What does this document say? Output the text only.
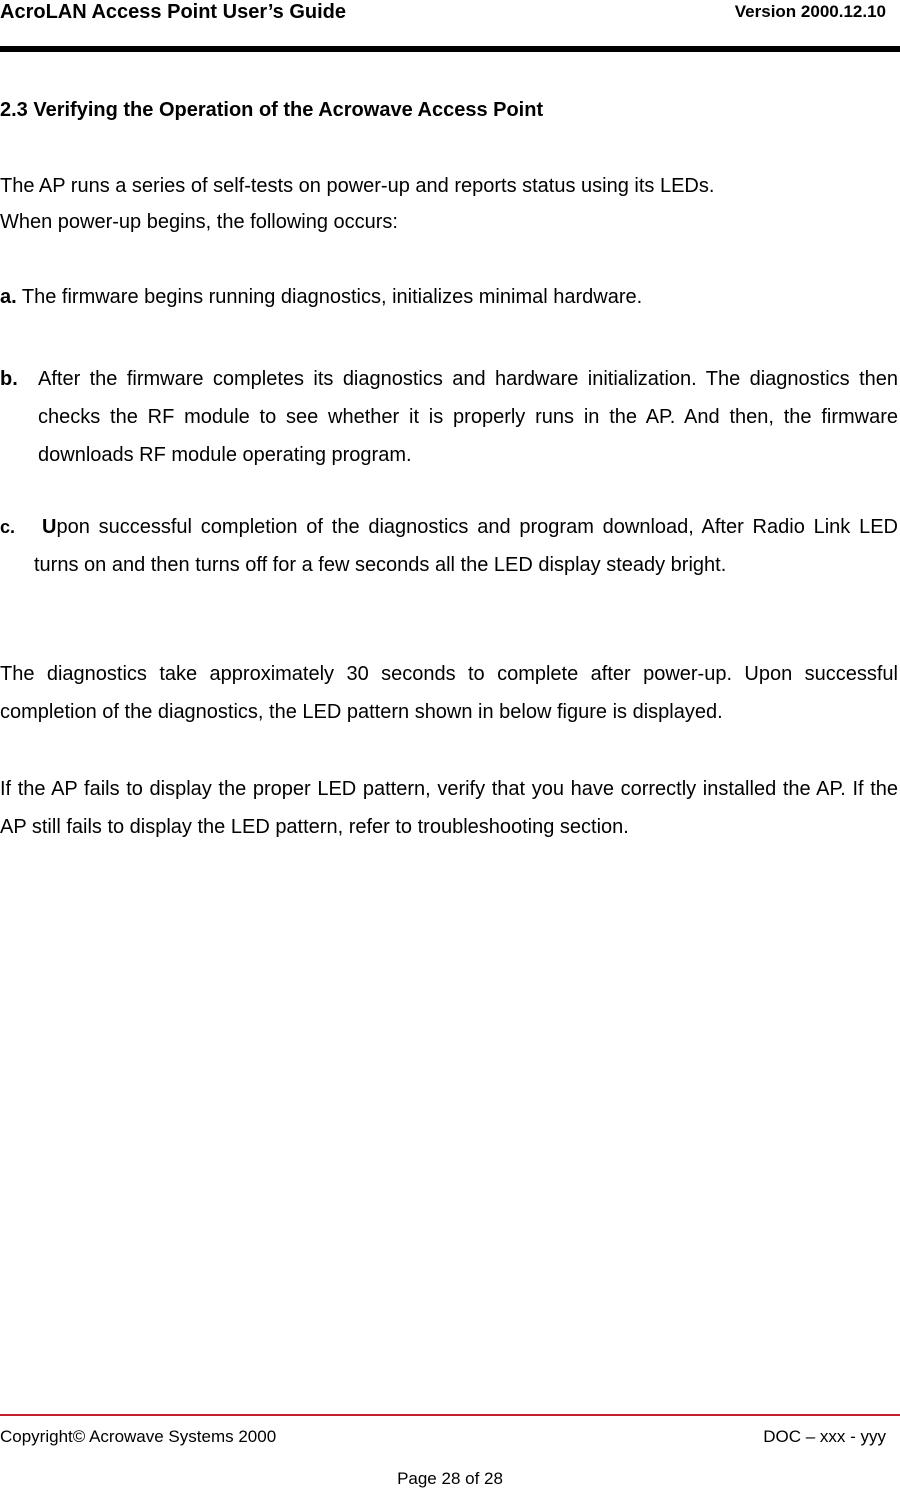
AcroLAN Access Point User’s Guide	Version 2000.12.10
2.3 Verifying the Operation of the Acrowave Access Point
The AP runs a series of self-tests on power-up and reports status using its LEDs.
When power-up begins, the following occurs:
a. The firmware begins running diagnostics, initializes minimal hardware.
b. After the firmware completes its diagnostics and hardware initialization. The diagnostics then checks the RF module to see whether it is properly runs in the AP. And then, the firmware downloads RF module operating program.
c.	Upon successful completion of the diagnostics and program download, After Radio Link LED turns on and then turns off for a few seconds all the LED display steady bright.
The diagnostics take approximately 30 seconds to complete after power-up. Upon successful completion of the diagnostics, the LED pattern shown in below figure is displayed.
If the AP fails to display the proper LED pattern, verify that you have correctly installed the AP. If the AP still fails to display the LED pattern, refer to troubleshooting section.
Copyright© Acrowave Systems 2000	DOC – xxx - yyy
Page 28 of 28
